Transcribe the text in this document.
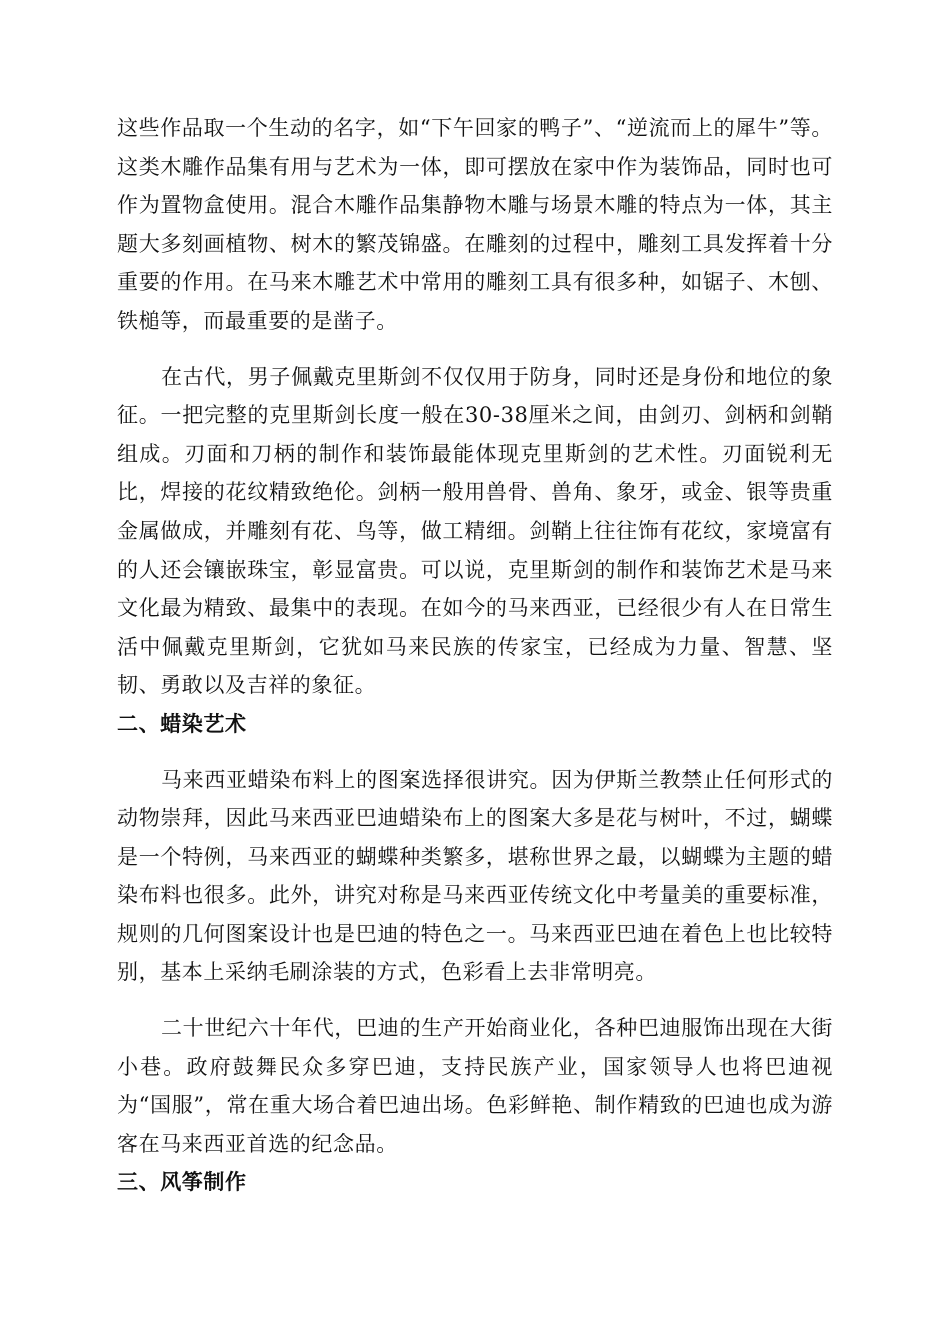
这些作品取一个生动的名字，如“下午回家的鸭子”、“逆流而上的犀牛”等。这类木雕作品集有用与艺术为一体，即可摆放在家中作为装饰品，同时也可作为置物盒使用。混合木雕作品集静物木雕与场景木雕的特点为一体，其主题大多刻画植物、树木的繁茂锦盛。在雕刻的过程中，雕刻工具发挥着十分重要的作用。在马来木雕艺术中常用的雕刻工具有很多种，如锯子、木刨、铁槌等，而最重要的是凿子。

在古代，男子佩戴克里斯剑不仅仅用于防身，同时还是身份和地位的象征。一把完整的克里斯剑长度一般在30-38厘米之间，由剑刃、剑柄和剑鞘组成。刃面和刀柄的制作和装饰最能体现克里斯剑的艺术性。刃面锐利无比，焊接的花纹精致绝伦。剑柄一般用兽骨、兽角、象牙，或金、银等贵重金属做成，并雕刻有花、鸟等，做工精细。剑鞘上往往饰有花纹，家境富有的人还会镶嵌珠宝，彰显富贵。可以说，克里斯剑的制作和装饰艺术是马来文化最为精致、最集中的表现。在如今的马来西亚，已经很少有人在日常生活中佩戴克里斯剑，它犹如马来民族的传家宝，已经成为力量、智慧、坚韧、勇敢以及吉祥的象征。

二、蜡染艺术

马来西亚蜡染布料上的图案选择很讲究。因为伊斯兰教禁止任何形式的动物崇拜，因此马来西亚巴迪蜡染布上的图案大多是花与树叶，不过，蝴蝶是一个特例，马来西亚的蝴蝶种类繁多，堪称世界之最，以蝴蝶为主题的蜡染布料也很多。此外，讲究对称是马来西亚传统文化中考量美的重要标准，规则的几何图案设计也是巴迪的特色之一。马来西亚巴迪在着色上也比较特别，基本上采纳毛刷涂装的方式，色彩看上去非常明亮。

二十世纪六十年代，巴迪的生产开始商业化，各种巴迪服饰出现在大街小巷。政府鼓舞民众多穿巴迪，支持民族产业，国家领导人也将巴迪视为“国服”，常在重大场合着巴迪出场。色彩鲜艳、制作精致的巴迪也成为游客在马来西亚首选的纪念品。

三、风筝制作
